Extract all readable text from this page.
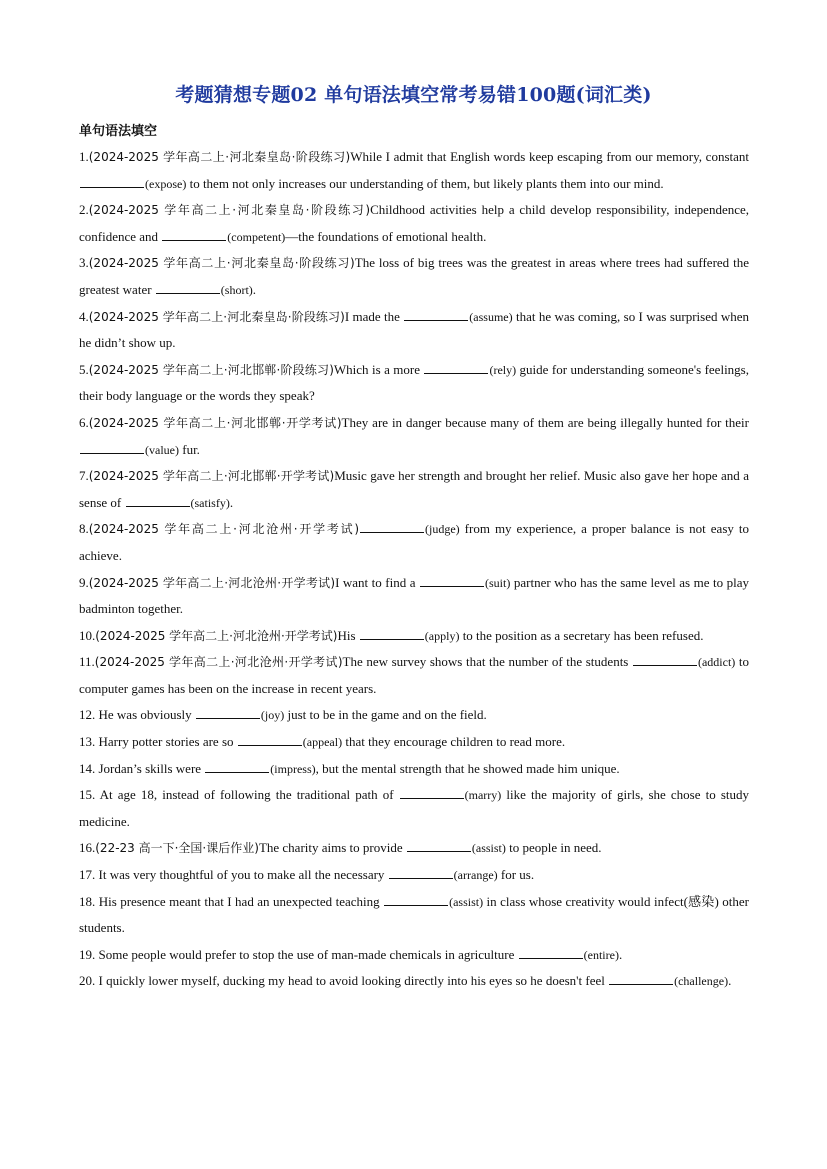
考题猜想专题02 单句语法填空常考易错100题(词汇类)
单句语法填空

1.(2024-2025 学年高二上·河北秦皇岛·阶段练习)While I admit that English words keep escaping from our memory, constant (expose) to them not only increases our understanding of them, but likely plants them into our mind.

2.(2024-2025 学年高二上·河北秦皇岛·阶段练习)Childhood activities help a child develop responsibility, independence, confidence and	(competent)—the foundations of emotional health.

3.(2024-2025 学年高二上·河北秦皇岛·阶段练习)The loss of big trees was the greatest in areas where trees had suffered the greatest water	(short).

4.(2024-2025 学年高二上·河北秦皇岛·阶段练习)I made the	(assume) that he was coming, so I was surprised when he didn’t show up.

5.(2024-2025 学年高二上·河北邯郸·阶段练习)Which is a more	(rely) guide for understanding someone's feelings, their body language or the words they speak?

6.(2024-2025 学年高二上·河北邯郸·开学考试)They are in danger because many of them are being illegally hunted for their (value) fur.

7.(2024-2025 学年高二上·河北邯郸·开学考试)Music gave her strength and brought her relief. Music also gave her hope and a sense of	(satisfy).

8.(2024-2025 学年高二上·河北沧州·开学考试)	(judge) from my experience, a proper balance is not easy to achieve.

9.(2024-2025 学年高二上·河北沧州·开学考试)I want to find a	(suit) partner who has the same level as me to play badminton together.

10.(2024-2025 学年高二上·河北沧州·开学考试)His	(apply) to the position as a secretary has been refused.

11.(2024-2025 学年高二上·河北沧州·开学考试)The new survey shows that the number of the students	(addict) to computer games has been on the increase in recent years.

12. He was obviously	(joy) just to be in the game and on the field.

13. Harry potter stories are so	(appeal) that they encourage children to read more.

14. Jordan’s skills were	(impress), but the mental strength that he showed made him unique.

15. At age 18, instead of following the traditional path of	(marry) like the majority of girls, she chose to study medicine.

16.(22-23 高一下·全国·课后作业)The charity aims to provide	(assist) to people in need.

17. It was very thoughtful of you to make all the necessary	(arrange) for us.

18. His presence meant that I had an unexpected teaching	(assist) in class whose creativity would infect(感染) other students.

19. Some people would prefer to stop the use of man-made chemicals in agriculture	(entire).

20. I quickly lower myself, ducking my head to avoid looking directly into his eyes so he doesn't feel	(challenge).
